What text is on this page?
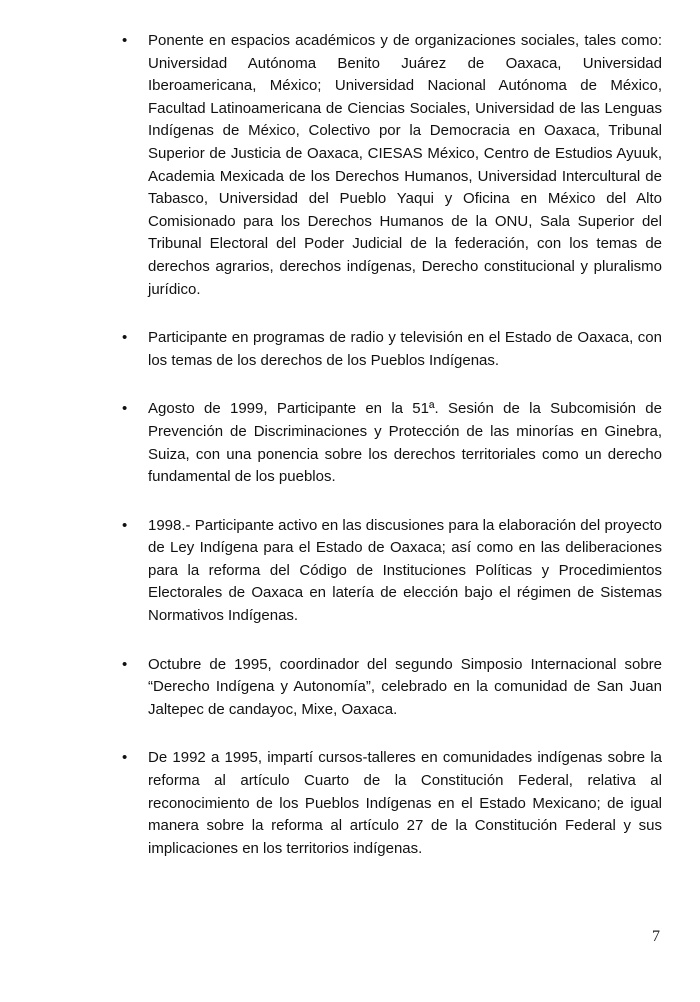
• Ponente en espacios académicos y de organizaciones sociales, tales como: Universidad Autónoma Benito Juárez de Oaxaca, Universidad Iberoamericana, México; Universidad Nacional Autónoma de México, Facultad Latinoamericana de Ciencias Sociales, Universidad de las Lenguas Indígenas de México, Colectivo por la Democracia en Oaxaca, Tribunal Superior de Justicia de Oaxaca, CIESAS México, Centro de Estudios Ayuuk, Academia Mexicada de los Derechos Humanos, Universidad Intercultural de Tabasco, Universidad del Pueblo Yaqui y Oficina en México del Alto Comisionado para los Derechos Humanos de la ONU, Sala Superior del Tribunal Electoral del Poder Judicial de la federación, con los temas de derechos agrarios, derechos indígenas, Derecho constitucional y pluralismo jurídico.
• Participante en programas de radio y televisión en el Estado de Oaxaca, con los temas de los derechos de los Pueblos Indígenas.
• Agosto de 1999, Participante en la 51ª. Sesión de la Subcomisión de Prevención de Discriminaciones y Protección de las minorías en Ginebra, Suiza, con una ponencia sobre los derechos territoriales como un derecho fundamental de los pueblos.
• 1998.- Participante activo en las discusiones para la elaboración del proyecto de Ley Indígena para el Estado de Oaxaca; así como en las deliberaciones para la reforma del Código de Instituciones Políticas y Procedimientos Electorales de Oaxaca en latería de elección bajo el régimen de Sistemas Normativos Indígenas.
• Octubre de 1995, coordinador del segundo Simposio Internacional sobre “Derecho Indígena y Autonomía”, celebrado en la comunidad de San Juan Jaltepec de candayoc, Mixe, Oaxaca.
• De 1992 a 1995, impartí cursos-talleres en comunidades indígenas sobre la reforma al artículo Cuarto de la Constitución Federal, relativa al reconocimiento de los Pueblos Indígenas en el Estado Mexicano; de igual manera sobre la reforma al artículo 27 de la Constitución Federal y sus implicaciones en los territorios indígenas.
7
